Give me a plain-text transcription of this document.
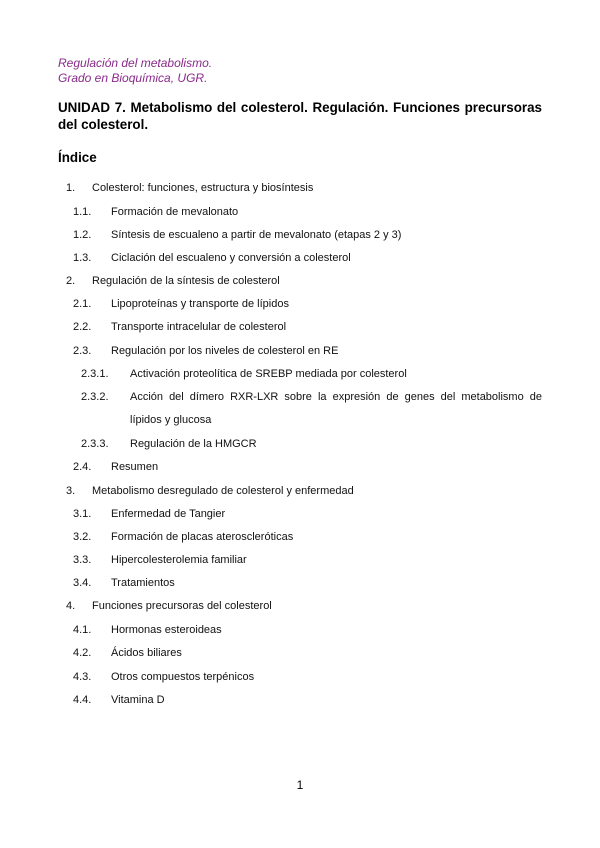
Regulación del metabolismo.
Grado en Bioquímica, UGR.
UNIDAD 7. Metabolismo del colesterol. Regulación. Funciones precursoras del colesterol.
Índice
1. Colesterol: funciones, estructura y biosíntesis
1.1. Formación de mevalonato
1.2. Síntesis de escualeno a partir de mevalonato (etapas 2 y 3)
1.3. Ciclación del escualeno y conversión a colesterol
2. Regulación de la síntesis de colesterol
2.1. Lipoproteínas y transporte de lípidos
2.2. Transporte intracelular de colesterol
2.3. Regulación por los niveles de colesterol en RE
2.3.1. Activación proteolítica de SREBP mediada por colesterol
2.3.2. Acción del dímero RXR-LXR sobre la expresión de genes del metabolismo de lípidos y glucosa
2.3.3. Regulación de la HMGCR
2.4. Resumen
3. Metabolismo desregulado de colesterol y enfermedad
3.1. Enfermedad de Tangier
3.2. Formación de placas ateroscleróticas
3.3. Hipercolesterolemia familiar
3.4. Tratamientos
4. Funciones precursoras del colesterol
4.1. Hormonas esteroideas
4.2. Ácidos biliares
4.3. Otros compuestos terpénicos
4.4. Vitamina D
1
